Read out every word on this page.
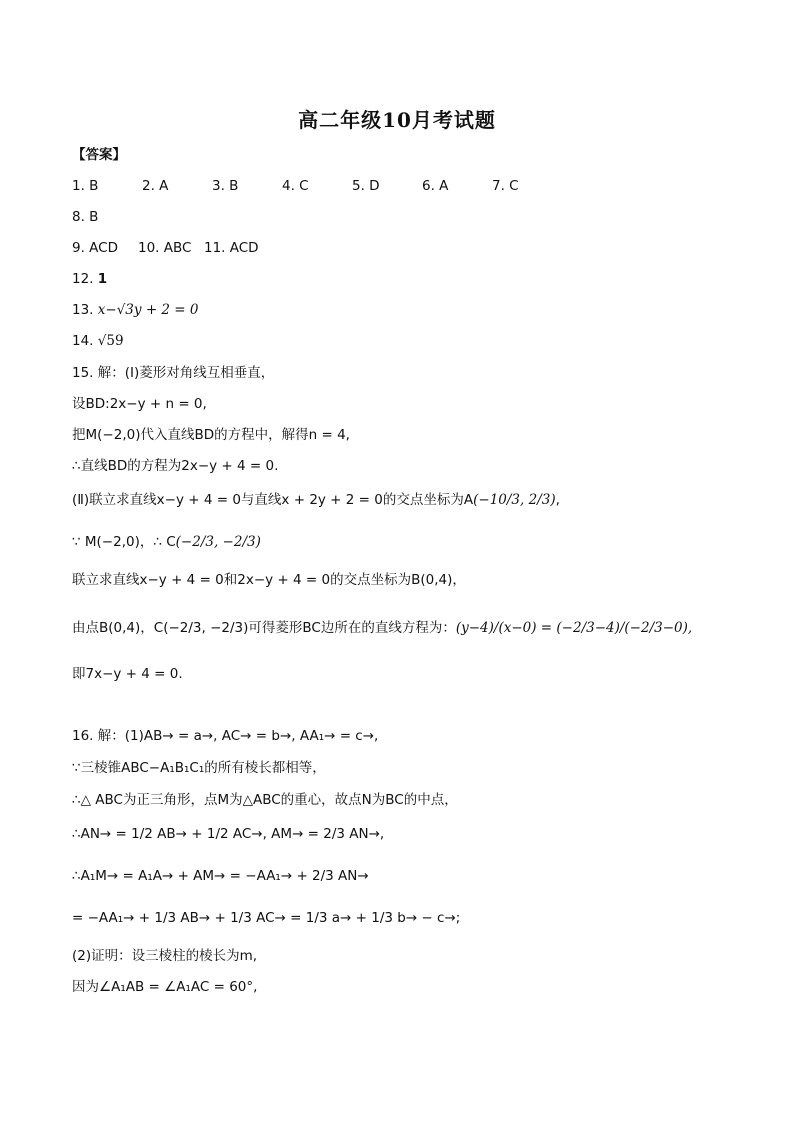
高二年级10月考试题
【答案】
1. B	2. A	3. B	4. C	5. D	6. A	7. C
8. B
9. ACD 10. ABC 11. ACD
12. 1
13. x−√3y + 2 = 0
14. √59
15. 解：(Ⅰ)菱形对角线互相垂直，
设BD:2x−y + n = 0,
把M(−2,0)代入直线BD的方程中，解得n = 4,
∴直线BD的方程为2x−y + 4 = 0.
(Ⅱ)联立求直线x−y + 4 = 0与直线x + 2y + 2 = 0的交点坐标为A(−10/3, 2/3),
∵ M(−2,0)，∴ C(−2/3, −2/3)
联立求直线x−y + 4 = 0和2x−y + 4 = 0的交点坐标为B(0,4)，
由点B(0,4)，C(−2/3, −2/3)可得菱形BC边所在的直线方程为：(y−4)/(x−0) = (−2/3−4)/(−2/3−0),
即7x−y + 4 = 0.
16. 解：(1)AB→ = a→, AC→ = b→, AA₁→ = c→,
∵三棱锥ABC−A₁B₁C₁的所有棱长都相等，
∴△ ABC为正三角形，点M为△ABC的重心，故点N为BC的中点，
∴AN→ = 1/2 AB→ + 1/2 AC→, AM→ = 2/3 AN→,
∴A₁M→ = A₁A→ + AM→ = −AA₁→ + 2/3 AN→
= −AA₁→ + 1/3 AB→ + 1/3 AC→ = 1/3 a→ + 1/3 b→ − c→;
(2)证明：设三棱柱的棱长为m,
因为∠A₁AB = ∠A₁AC = 60°,
